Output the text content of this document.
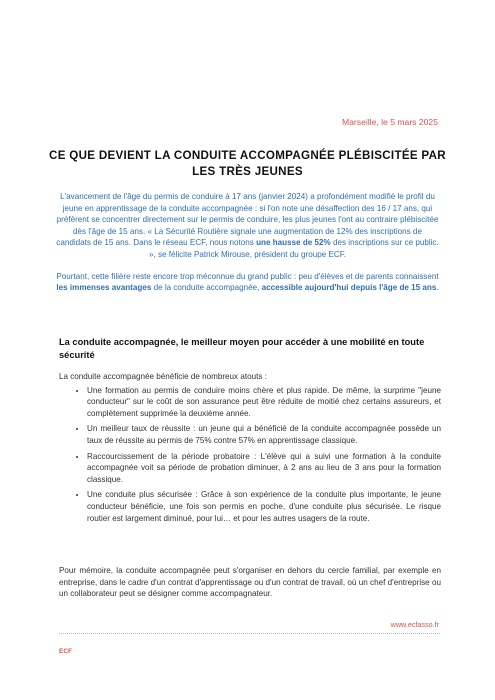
Marseille, le 5 mars 2025
CE QUE DEVIENT LA CONDUITE ACCOMPAGNÉE PLÉBISCITÉE PAR LES TRÈS JEUNES

L'avancement de l'âge du permis de conduire à 17 ans (janvier 2024) a profondément modifié le profil du jeune en apprentissage de la conduite accompagnée : si l'on note une désaffection des 16 / 17 ans, qui préfèrent se concentrer directement sur le permis de conduire, les plus jeunes l'ont au contraire plébiscitée dès l'âge de 15 ans. « La Sécurité Routière signale une augmentation de 12% des inscriptions de candidats de 15 ans. Dans le réseau ECF, nous notons une hausse de 52% des inscriptions sur ce public. », se félicite Patrick Mirouse, président du groupe ECF.

Pourtant, cette filière reste encore trop méconnue du grand public : peu d'élèves et de parents connaissent les immenses avantages de la conduite accompagnée, accessible aujourd'hui depuis l'âge de 15 ans.

La conduite accompagnée, le meilleur moyen pour accéder à une mobilité en toute sécurité

La conduite accompagnée bénéficie de nombreux atouts :

• Une formation au permis de conduire moins chère et plus rapide. De même, la surprime "jeune conducteur" sur le coût de son assurance peut être réduite de moitié chez certains assureurs, et complètement supprimée la deuxième année.
• Un meilleur taux de réussite : un jeune qui a bénéficié de la conduite accompagnée possède un taux de réussite au permis de 75% contre 57% en apprentissage classique.
• Raccourcissement de la période probatoire : L'élève qui a suivi une formation à la conduite accompagnée voit sa période de probation diminuer, à 2 ans au lieu de 3 ans pour la formation classique.
• Une conduite plus sécurisée : Grâce à son expérience de la conduite plus importante, le jeune conducteur bénéficie, une fois son permis en poche, d'une conduite plus sécurisée. Le risque routier est largement diminué, pour lui… et pour les autres usagers de la route.
Pour mémoire, la conduite accompagnée peut s'organiser en dehors du cercle familial, par exemple en entreprise, dans le cadre d'un contrat d'apprentissage ou d'un contrat de travail, où un chef d'entreprise ou un collaborateur peut se désigner comme accompagnateur.
www.ecfasso.fr
ECF
